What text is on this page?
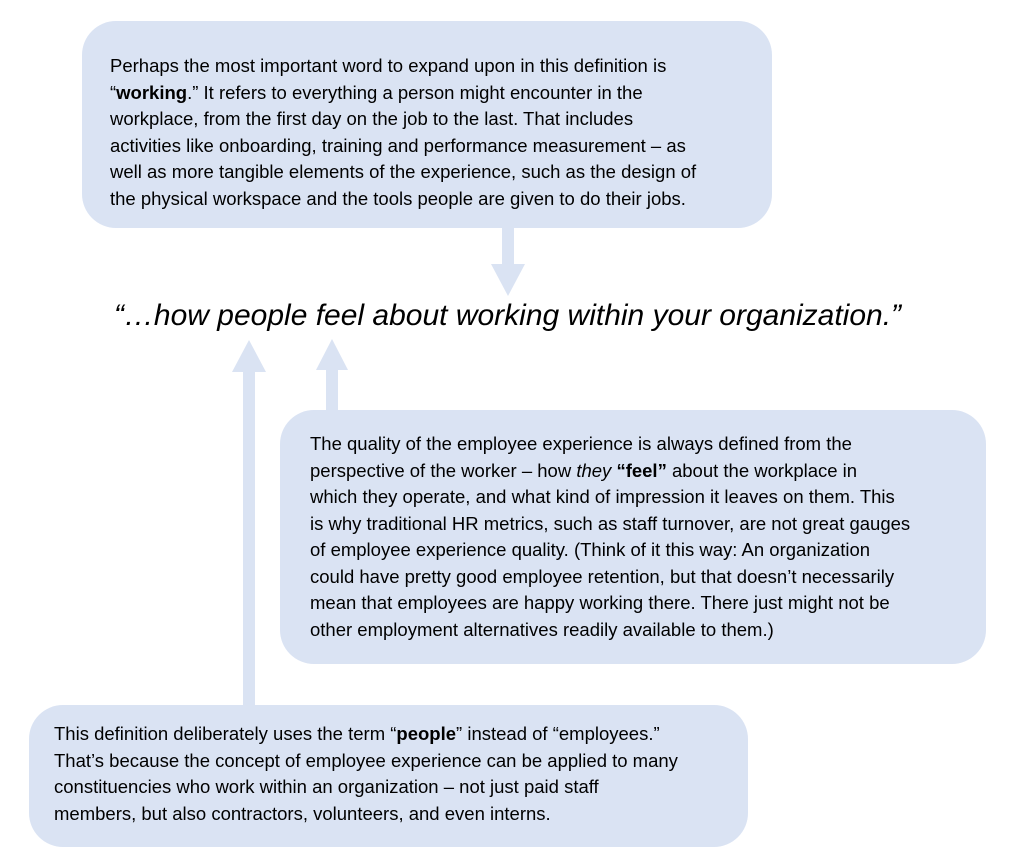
Perhaps the most important word to expand upon in this definition is

“working.” It refers to everything a person might encounter in the

workplace, from the first day on the job to the last. That includes

activities like onboarding, training and performance measurement – as

well as more tangible elements of the experience, such as the design of

the physical workspace and the tools people are given to do their jobs.

“…how people feel about working within your organization.”

The quality of the employee experience is always defined from the

perspective of the worker – how they “feel” about the workplace in

which they operate, and what kind of impression it leaves on them. This

is why traditional HR metrics, such as staff turnover, are not great gauges

of employee experience quality. (Think of it this way: An organization

could have pretty good employee retention, but that doesn’t necessarily

mean that employees are happy working there. There just might not be

other employment alternatives readily available to them.)

This definition deliberately uses the term “people” instead of “employees.”

That’s because the concept of employee experience can be applied to many

constituencies who work within an organization – not just paid staff

members, but also contractors, volunteers, and even interns.
